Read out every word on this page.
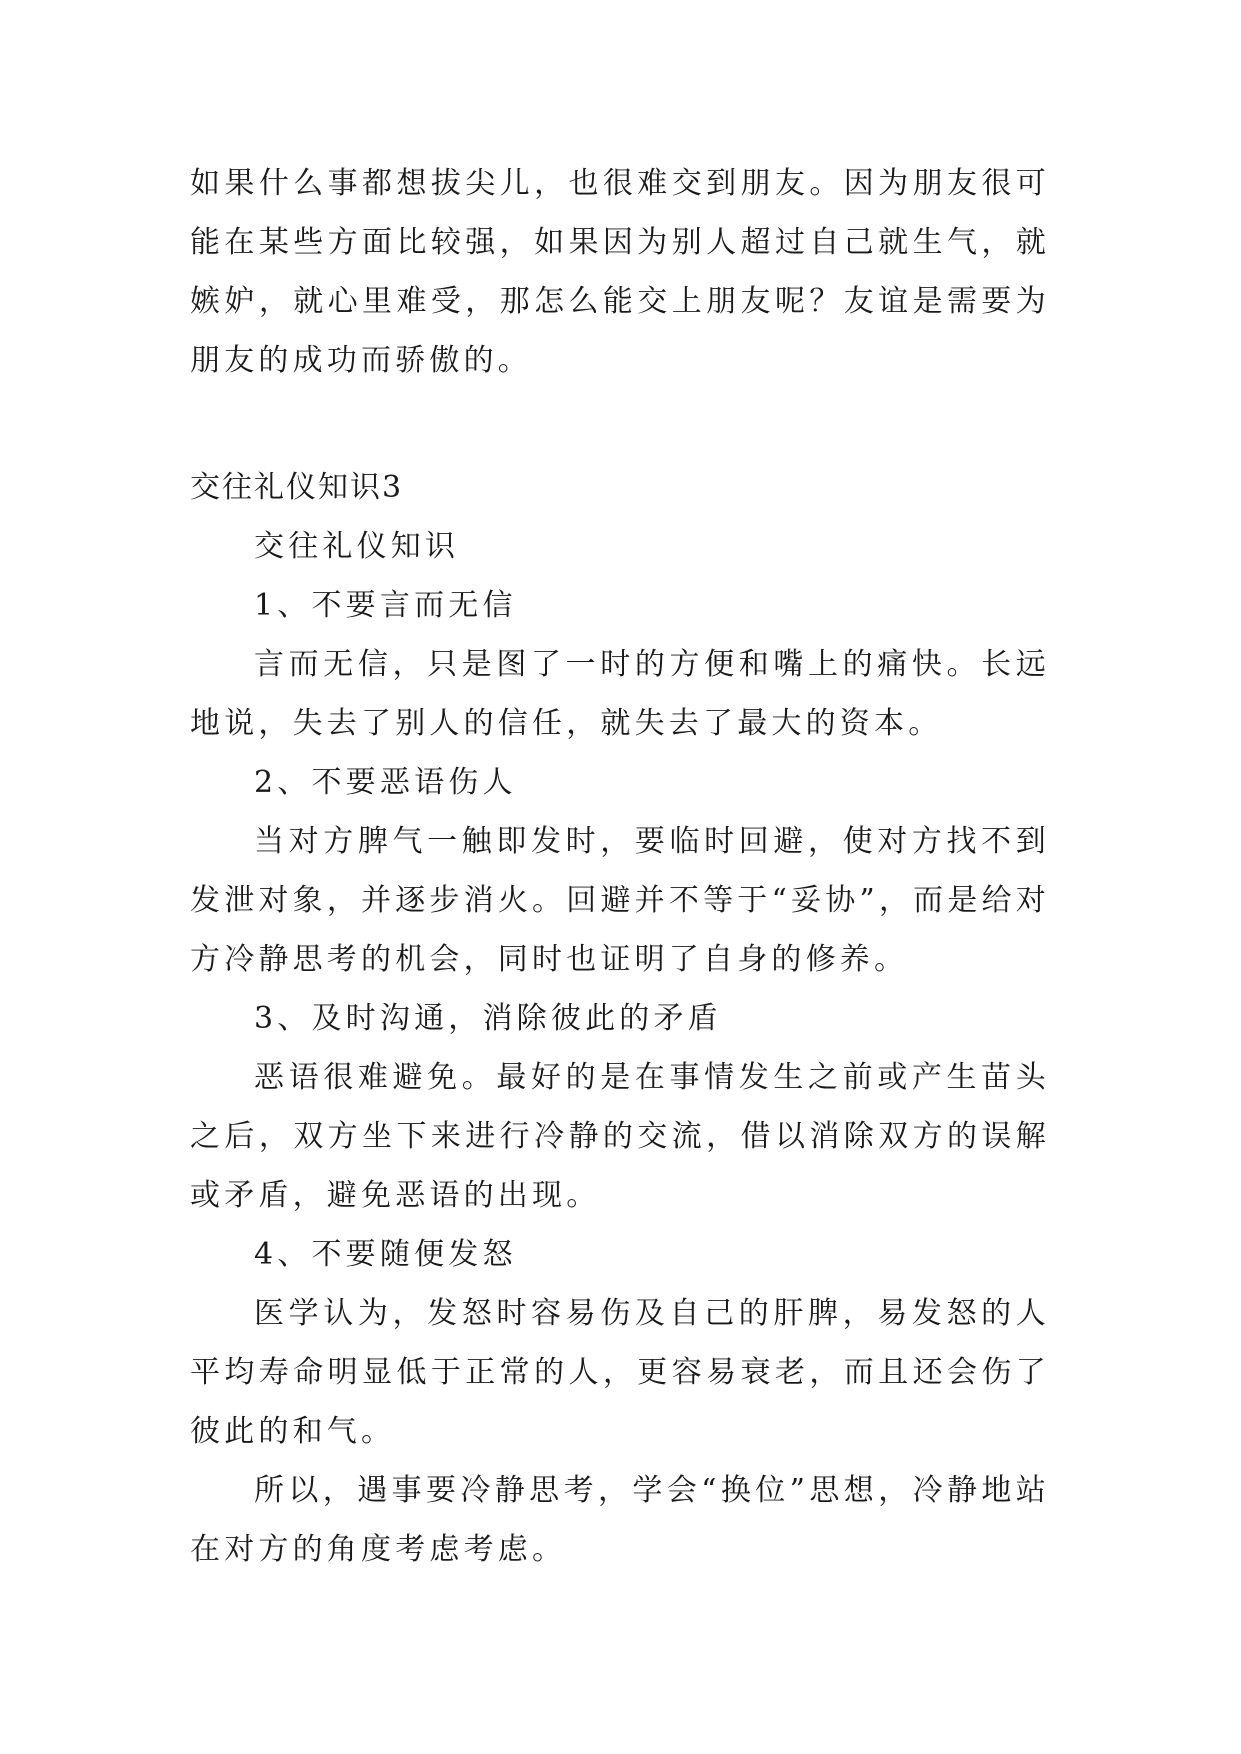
如果什么事都想拔尖儿，也很难交到朋友。因为朋友很可能在某些方面比较强，如果因为别人超过自己就生气，就嫉妒，就心里难受，那怎么能交上朋友呢？友谊是需要为朋友的成功而骄傲的。

交往礼仪知识3

交往礼仪知识

1、不要言而无信

言而无信，只是图了一时的方便和嘴上的痛快。长远地说，失去了别人的信任，就失去了最大的资本。

2、不要恶语伤人

当对方脾气一触即发时，要临时回避，使对方找不到发泄对象，并逐步消火。回避并不等于“妥协”，而是给对方冷静思考的机会，同时也证明了自身的修养。

3、及时沟通，消除彼此的矛盾

恶语很难避免。最好的是在事情发生之前或产生苗头之后，双方坐下来进行冷静的交流，借以消除双方的误解或矛盾，避免恶语的出现。

4、不要随便发怒

医学认为，发怒时容易伤及自己的肝脾，易发怒的人平均寿命明显低于正常的人，更容易衰老，而且还会伤了彼此的和气。

所以，遇事要冷静思考，学会“换位”思想，冷静地站在对方的角度考虑考虑。
